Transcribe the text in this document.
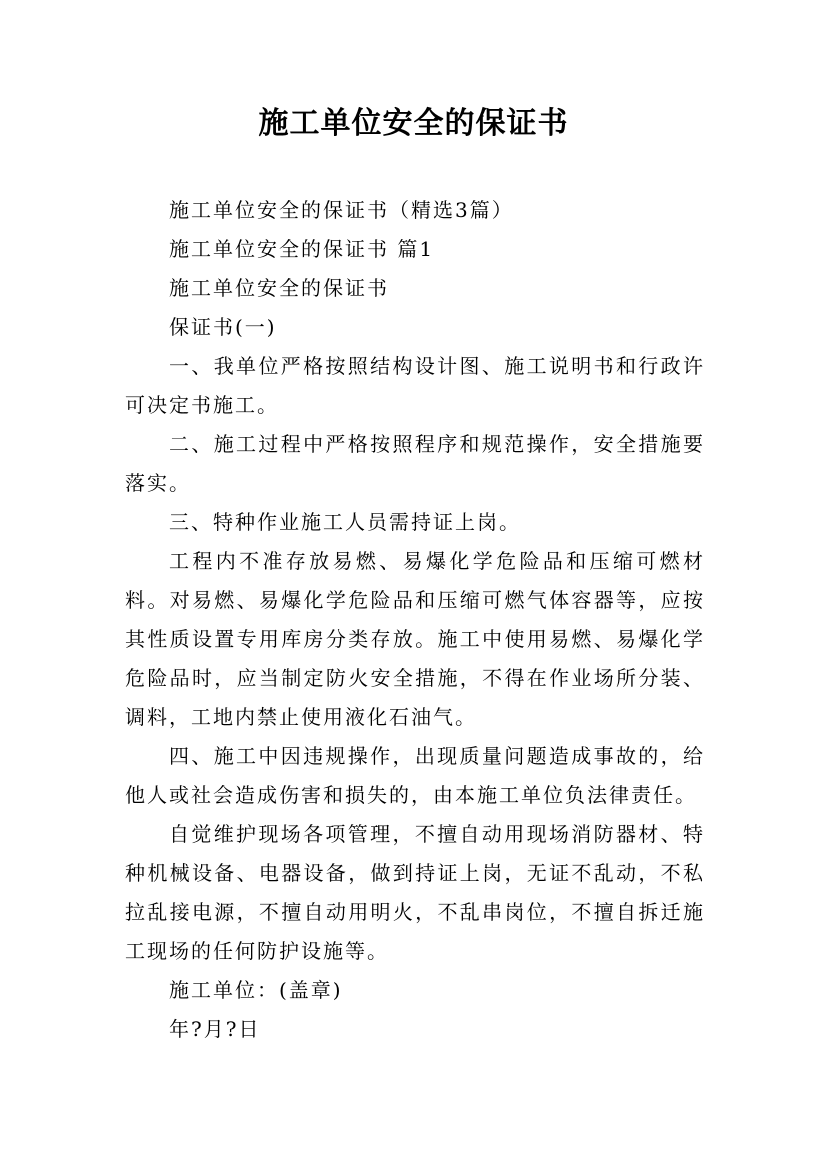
施工单位安全的保证书

施工单位安全的保证书（精选3篇）

施工单位安全的保证书 篇1

施工单位安全的保证书

保证书(一)

一、我单位严格按照结构设计图、施工说明书和行政许可决定书施工。

二、施工过程中严格按照程序和规范操作，安全措施要落实。

三、特种作业施工人员需持证上岗。

工程内不准存放易燃、易爆化学危险品和压缩可燃材料。对易燃、易爆化学危险品和压缩可燃气体容器等，应按其性质设置专用库房分类存放。施工中使用易燃、易爆化学危险品时，应当制定防火安全措施，不得在作业场所分装、调料，工地内禁止使用液化石油气。

四、施工中因违规操作，出现质量问题造成事故的，给他人或社会造成伤害和损失的，由本施工单位负法律责任。

自觉维护现场各项管理，不擅自动用现场消防器材、特种机械设备、电器设备，做到持证上岗，无证不乱动，不私拉乱接电源，不擅自动用明火，不乱串岗位，不擅自拆迁施工现场的任何防护设施等。

施工单位：(盖章)

年?月?日
